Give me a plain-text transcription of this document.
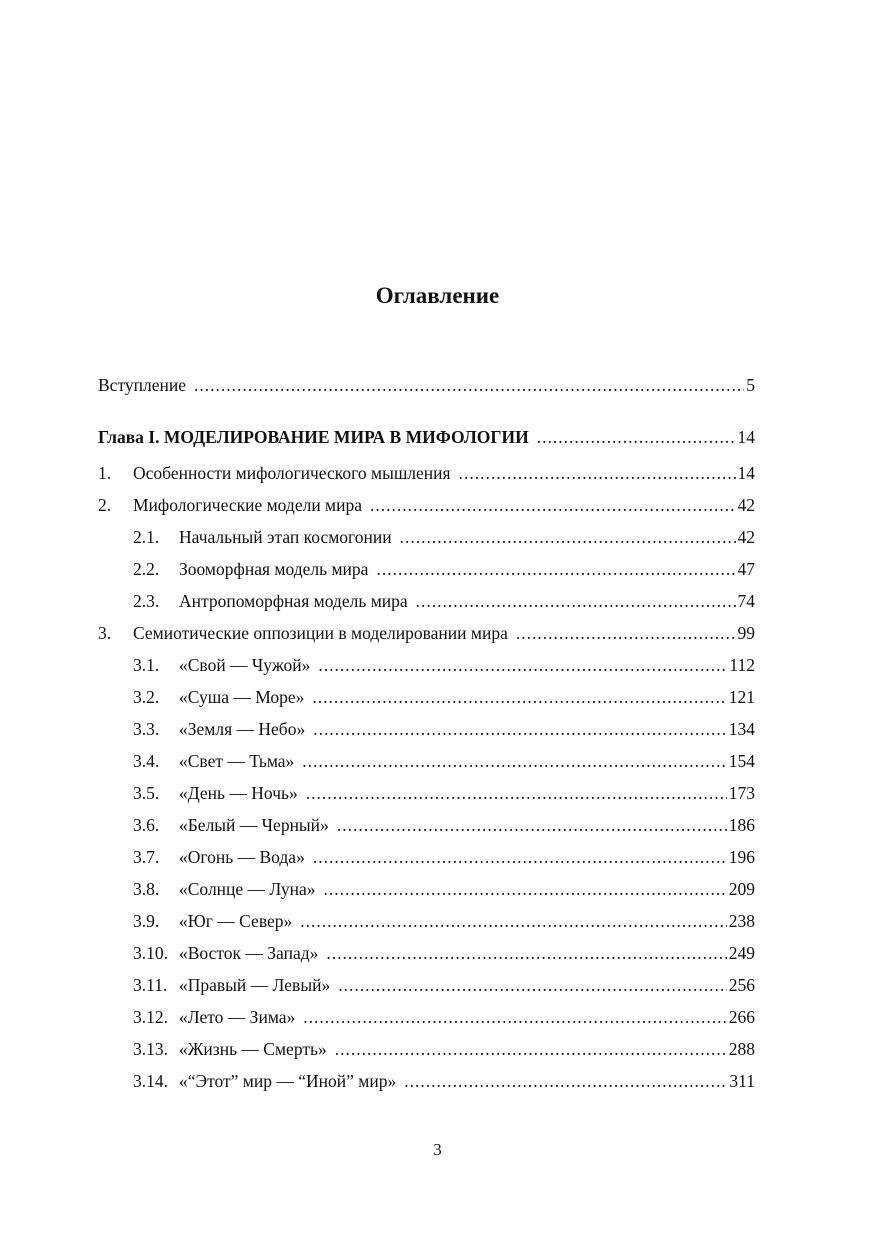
Оглавление
Вступление .....	5
Глава I. МОДЕЛИРОВАНИЕ МИРА В МИФОЛОГИИ .....	14
1.	Особенности мифологического мышления .....	14
2.	Мифологические модели мира .....	42
2.1.	Начальный этап космогонии .....	42
2.2.	Зооморфная модель мира .....	47
2.3.	Антропоморфная модель мира .....	74
3.	Семиотические оппозиции в моделировании мира .....	99
3.1.	«Свой — Чужой» .....	112
3.2.	«Суша — Море» .....	121
3.3.	«Земля — Небо» .....	134
3.4.	«Свет — Тьма» .....	154
3.5.	«День — Ночь» .....	173
3.6.	«Белый — Черный» .....	186
3.7.	«Огонь — Вода» .....	196
3.8.	«Солнце — Луна» .....	209
3.9.	«Юг — Север» .....	238
3.10. «Восток — Запад» .....	249
3.11. «Правый — Левый» .....	256
3.12. «Лето — Зима» .....	266
3.13. «Жизнь — Смерть» .....	288
3.14. «“Этот” мир — “Иной” мир» .....	311
3
